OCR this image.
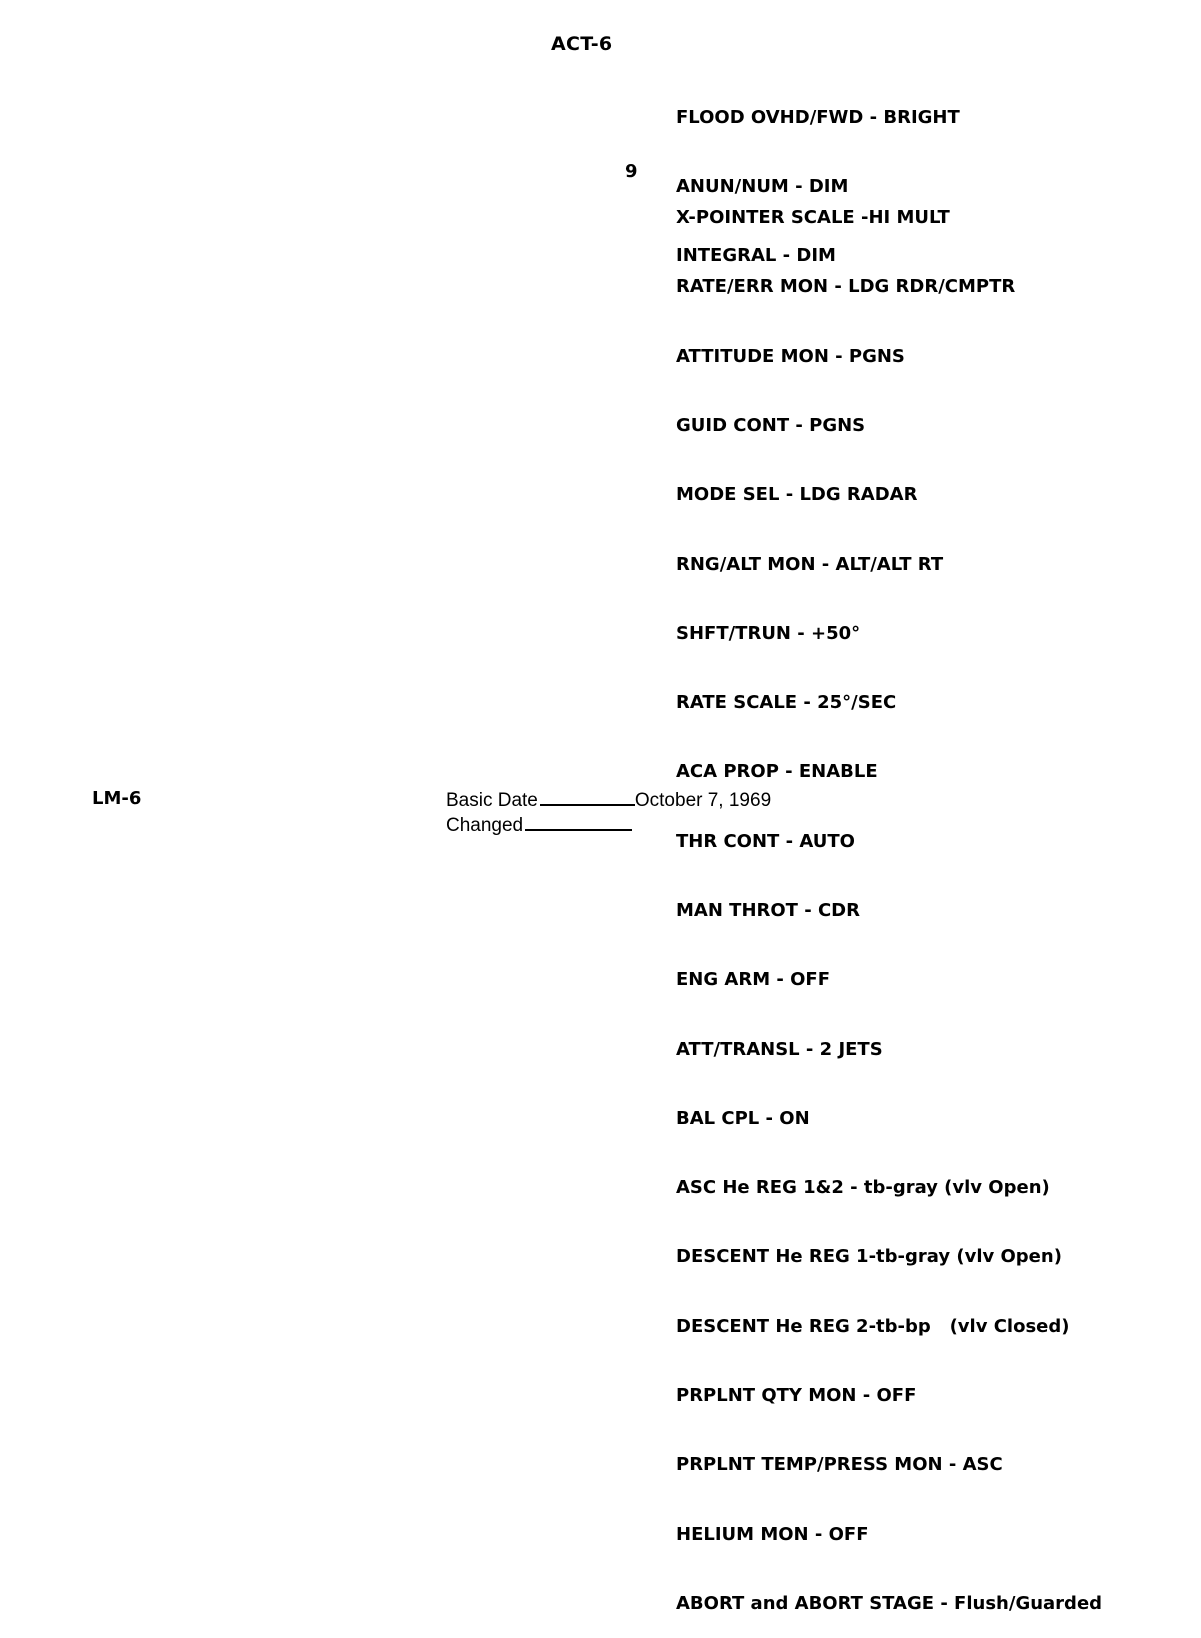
ACT-6

FLOOD OVHD/FWD - BRIGHT

ANUN/NUM - DIM

INTEGRAL - DIM

9

X-POINTER SCALE -HI MULT

RATE/ERR MON - LDG RDR/CMPTR

ATTITUDE MON - PGNS

GUID CONT - PGNS

MODE SEL - LDG RADAR

RNG/ALT MON - ALT/ALT RT

SHFT/TRUN - +50°

RATE SCALE - 25°/SEC

ACA PROP - ENABLE

THR CONT - AUTO

MAN THROT - CDR

ENG ARM - OFF

ATT/TRANSL - 2 JETS

BAL CPL - ON

ASC He REG 1&2 - tb-gray (vlv Open)

DESCENT He REG 1-tb-gray (vlv Open)

DESCENT He REG 2-tb-bp   (vlv Closed)

PRPLNT QTY MON - OFF

PRPLNT TEMP/PRESS MON - ASC

HELIUM MON - OFF

ABORT and ABORT STAGE - Flush/Guarded

LM-6	Basic Date	October 7, 1969
Changed
